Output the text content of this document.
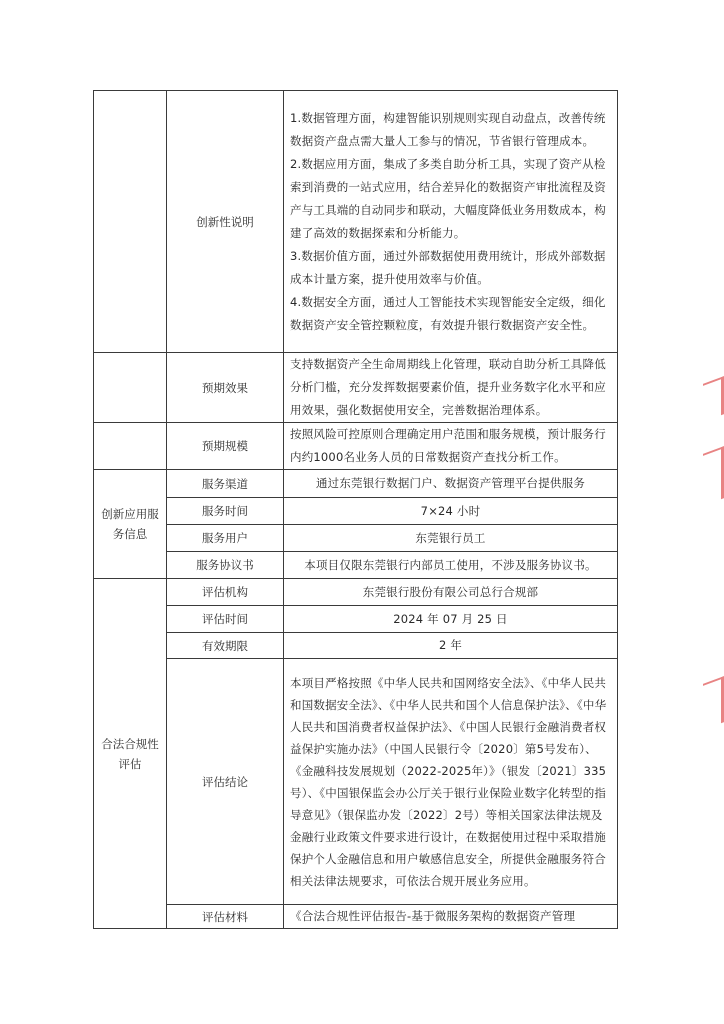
	创新性说明	1.数据管理方面，构建智能识别规则实现自动盘点，改善传统数据资产盘点需大量人工参与的情况，节省银行管理成本。
2.数据应用方面，集成了多类自助分析工具，实现了资产从检索到消费的一站式应用，结合差异化的数据资产审批流程及资产与工具端的自动同步和联动，大幅度降低业务用数成本，构建了高效的数据探索和分析能力。
3.数据价值方面，通过外部数据使用费用统计，形成外部数据成本计量方案，提升使用效率与价值。
4.数据安全方面，通过人工智能技术实现智能安全定级，细化数据资产安全管控颗粒度，有效提升银行数据资产安全性。

	预期效果	支持数据资产全生命周期线上化管理，联动自助分析工具降低分析门槛，充分发挥数据要素价值，提升业务数字化水平和应用效果，强化数据使用安全，完善数据治理体系。
	预期规模	按照风险可控原则合理确定用户范围和服务规模，预计服务行内约1000名业务人员的日常数据资产查找分析工作。
创新应用服务信息	服务渠道	通过东莞银行数据门户、数据资产管理平台提供服务
	服务时间	7×24 小时
	服务用户	东莞银行员工
	服务协议书	本项目仅限东莞银行内部员工使用，不涉及服务协议书。
合法合规性评估	评估机构	东莞银行股份有限公司总行合规部
	评估时间	2024 年 07 月 25 日
	有效期限	2 年
	评估结论	本项目严格按照《中华人民共和国网络安全法》、《中华人民共和国数据安全法》、《中华人民共和国个人信息保护法》、《中华人民共和国消费者权益保护法》、《中国人民银行金融消费者权益保护实施办法》（中国人民银行令〔2020〕第5号发布）、《金融科技发展规划（2022-2025年）》（银发〔2021〕335号）、《中国银保监会办公厅关于银行业保险业数字化转型的指导意见》（银保监办发〔2022〕2号）等相关国家法律法规及金融行业政策文件要求进行设计，在数据使用过程中采取措施保护个人金融信息和用户敏感信息安全，所提供金融服务符合相关法律法规要求，可依法合规开展业务应用。
	评估材料	《合法合规性评估报告-基于微服务架构的数据资产管理
